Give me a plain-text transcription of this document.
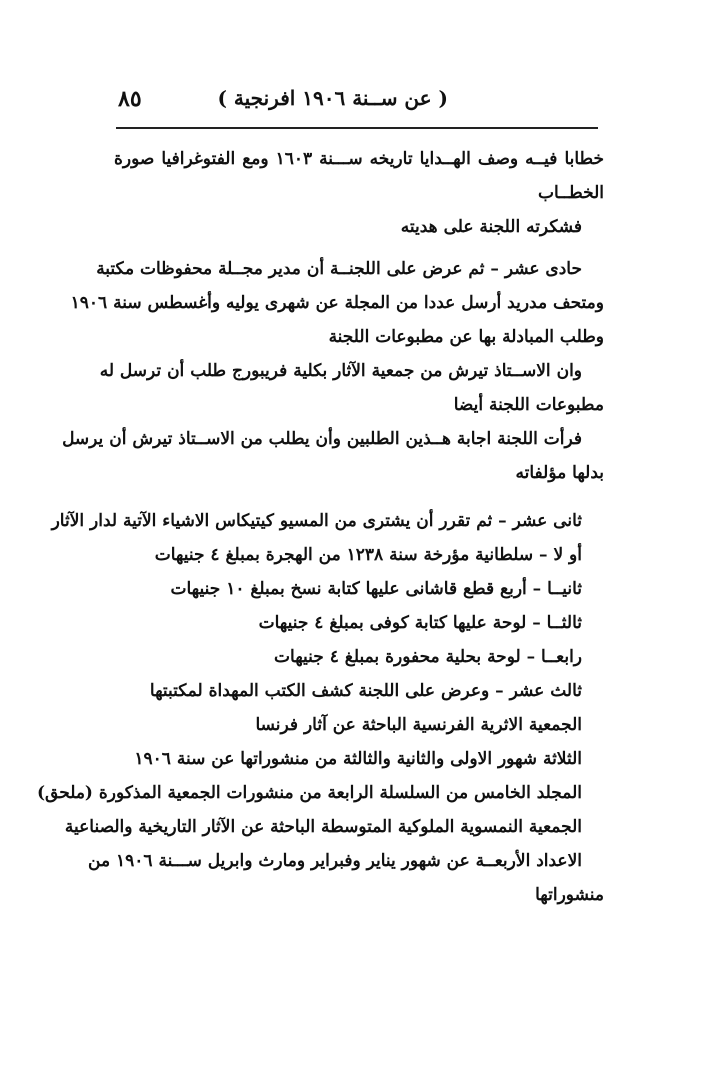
( عن ســنة ١٩٠٦ افرنجية )
٨٥
خطابا فيــه وصف الهــدايا تاريخه ســـنة ١٦٠٣ ومع الفتوغرافيا صورة
الخطــاب
فشكرته اللجنة على هديته
حادى عشر – ثم عرض على اللجنــة أن مدير مجــلة محفوظات مكتبة
ومتحف مدريد أرسل عددا من المجلة عن شهرى يوليه وأغسطس سنة ١٩٠٦
وطلب المبادلة بها عن مطبوعات اللجنة
وان الاســتاذ تيرش من جمعية الآثار بكلية فريبورج طلب أن ترسل له
مطبوعات اللجنة أيضا
فرأت اللجنة اجابة هــذين الطلبين وأن يطلب من الاســتاذ تيرش أن يرسل
بدلها مؤلفاته
ثانى عشر – ثم تقرر أن يشترى من المسيو كيتيكاس الاشياء الآتية لدار الآثار
أو لا – سلطانية مؤرخة سنة ١٢٣٨ من الهجرة بمبلغ ٤ جنيهات
ثانيــا – أربع قطع قاشانى عليها كتابة نسخ بمبلغ ١٠ جنيهات
ثالثــا – لوحة عليها كتابة كوفى بمبلغ ٤ جنيهات
رابعــا – لوحة بحلية محفورة بمبلغ ٤ جنيهات
ثالث عشر – وعرض على اللجنة كشف الكتب المهداة لمكتبتها
الجمعية الاثرية الفرنسية الباحثة عن آثار فرنسا
الثلاثة شهور الاولى والثانية والثالثة من منشوراتها عن سنة ١٩٠٦
المجلد الخامس من السلسلة الرابعة من منشورات الجمعية المذكورة (ملحق)
الجمعية النمسوية الملوكية المتوسطة الباحثة عن الآثار التاريخية والصناعية
الاعداد الأربعــة عن شهور يناير وفبراير ومارث وابريل ســـنة ١٩٠٦ من
منشوراتها
